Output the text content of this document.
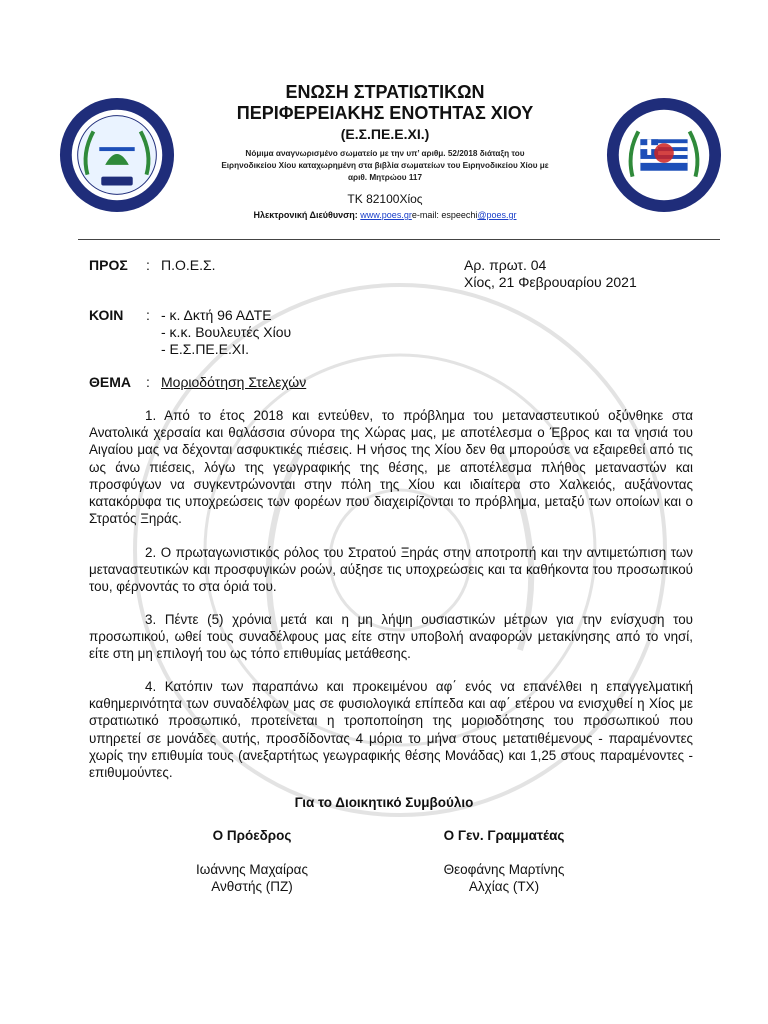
ΕΝΩΣΗ ΣΤΡΑΤΙΩΤΙΚΩΝ
ΠΕΡΙΦΕΡΕΙΑΚΗΣ ΕΝΟΤΗΤΑΣ ΧΙΟΥ
(Ε.Σ.ΠΕ.Ε.ΧΙ.)
Νόμιμα αναγνωρισμένο σωματείο με την υπ’ αριθμ. 52/2018 διάταξη του
Ειρηνοδικείου Χίου καταχωρημένη στα βιβλία σωματείων του Ειρηνοδικείου Χίου με
αριθ. Μητρώου 117
ΤΚ 82100Χίος
Ηλεκτρονική Διεύθυνση: www.poes.gre-mail: espeechi@poes.gr
ΠΡΟΣ : Π.Ο.Ε.Σ.	Αρ. πρωτ. 04
Χίος, 21 Φεβρουαρίου 2021
ΚΟΙΝ : - κ. Δκτή 96 ΑΔΤΕ
- κ.κ. Βουλευτές Χίου
- Ε.Σ.ΠΕ.Ε.ΧΙ.
ΘΕΜΑ : Μοριοδότηση Στελεχών
1. Από το έτος 2018 και εντεύθεν, το πρόβλημα του μεταναστευτικού οξύνθηκε στα Ανατολικά χερσαία και θαλάσσια σύνορα της Χώρας μας, με αποτέλεσμα ο Έβρος και τα νησιά του Αιγαίου μας να δέχονται ασφυκτικές πιέσεις. Η νήσος της Χίου δεν θα μπορούσε να εξαιρεθεί από τις ως άνω πιέσεις, λόγω της γεωγραφικής της θέσης, με αποτέλεσμα πλήθος μεταναστών και προσφύγων να συγκεντρώνονται στην πόλη της Χίου και ιδιαίτερα στο Χαλκειός, αυξάνοντας κατακόρυφα τις υποχρεώσεις των φορέων που διαχειρίζονται το πρόβλημα, μεταξύ των οποίων και ο Στρατός Ξηράς.
2. Ο πρωταγωνιστικός ρόλος του Στρατού Ξηράς στην αποτροπή και την αντιμετώπιση των μεταναστευτικών και προσφυγικών ροών, αύξησε τις υποχρεώσεις και τα καθήκοντα του προσωπικού του, φέρνοντάς το στα όριά του.
3. Πέντε (5) χρόνια μετά και η μη λήψη ουσιαστικών μέτρων για την ενίσχυση του προσωπικού, ωθεί τους συναδέλφους μας είτε στην υποβολή αναφορών μετακίνησης από το νησί, είτε στη μη επιλογή του ως τόπο επιθυμίας μετάθεσης.
4. Κατόπιν των παραπάνω και προκειμένου αφ΄ ενός να επανέλθει η επαγγελματική καθημερινότητα των συναδέλφων μας σε φυσιολογικά επίπεδα και αφ΄ ετέρου να ενισχυθεί η Χίος με στρατιωτικό προσωπικό, προτείνεται η τροποποίηση της μοριοδότησης του προσωπικού που υπηρετεί σε μονάδες αυτής, προσδίδοντας 4 μόρια το μήνα στους μετατιθέμενους - παραμένοντες χωρίς την επιθυμία τους (ανεξαρτήτως γεωγραφικής θέσης Μονάδας) και 1,25 στους παραμένοντες - επιθυμούντες.
Για το Διοικητικό Συμβούλιο
Ο Πρόεδρος
Ιωάννης Μαχαίρας
Ανθστής (ΠΖ)
Ο Γεν. Γραμματέας
Θεοφάνης Μαρτίνης
Αλχίας (ΤΧ)
